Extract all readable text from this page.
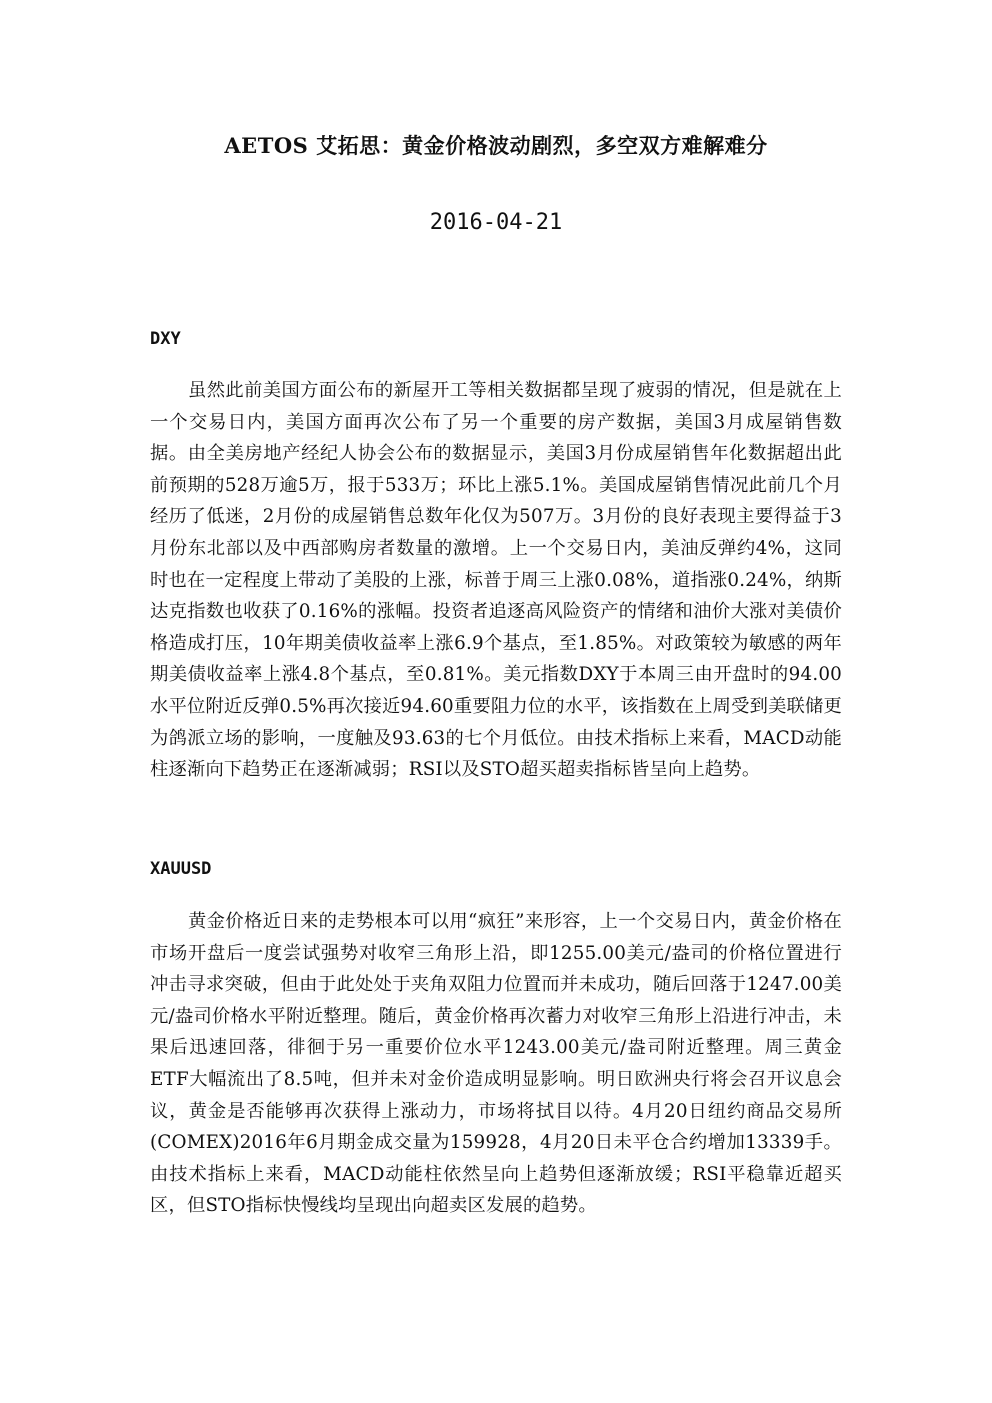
AETOS 艾拓思：黄金价格波动剧烈，多空双方难解难分
2016-04-21
DXY

虽然此前美国方面公布的新屋开工等相关数据都呈现了疲弱的情况，但是就在上一个交易日内，美国方面再次公布了另一个重要的房产数据，美国3月成屋销售数据。由全美房地产经纪人协会公布的数据显示，美国3月份成屋销售年化数据超出此前预期的528万逾5万，报于533万；环比上涨5.1%。美国成屋销售情况此前几个月经历了低迷，2月份的成屋销售总数年化仅为507万。3月份的良好表现主要得益于3月份东北部以及中西部购房者数量的激增。上一个交易日内，美油反弹约4%，这同时也在一定程度上带动了美股的上涨，标普于周三上涨0.08%，道指涨0.24%，纳斯达克指数也收获了0.16%的涨幅。投资者追逐高风险资产的情绪和油价大涨对美债价格造成打压，10年期美债收益率上涨6.9个基点，至1.85%。对政策较为敏感的两年期美债收益率上涨4.8个基点，至0.81%。美元指数DXY于本周三由开盘时的94.00水平位附近反弹0.5%再次接近94.60重要阻力位的水平，该指数在上周受到美联储更为鸽派立场的影响，一度触及93.63的七个月低位。由技术指标上来看，MACD动能柱逐渐向下趋势正在逐渐减弱；RSI以及STO超买超卖指标皆呈向上趋势。

XAUUSD

黄金价格近日来的走势根本可以用“疯狂”来形容，上一个交易日内，黄金价格在市场开盘后一度尝试强势对收窄三角形上沿，即1255.00美元/盎司的价格位置进行冲击寻求突破，但由于此处处于夹角双阻力位置而并未成功，随后回落于1247.00美元/盎司价格水平附近整理。随后，黄金价格再次蓄力对收窄三角形上沿进行冲击，未果后迅速回落，徘徊于另一重要价位水平1243.00美元/盎司附近整理。周三黄金ETF大幅流出了8.5吨，但并未对金价造成明显影响。明日欧洲央行将会召开议息会议，黄金是否能够再次获得上涨动力，市场将拭目以待。4月20日纽约商品交易所(COMEX)2016年6月期金成交量为159928，4月20日未平仓合约增加13339手。由技术指标上来看，MACD动能柱依然呈向上趋势但逐渐放缓；RSI平稳靠近超买区，但STO指标快慢线均呈现出向超卖区发展的趋势。
